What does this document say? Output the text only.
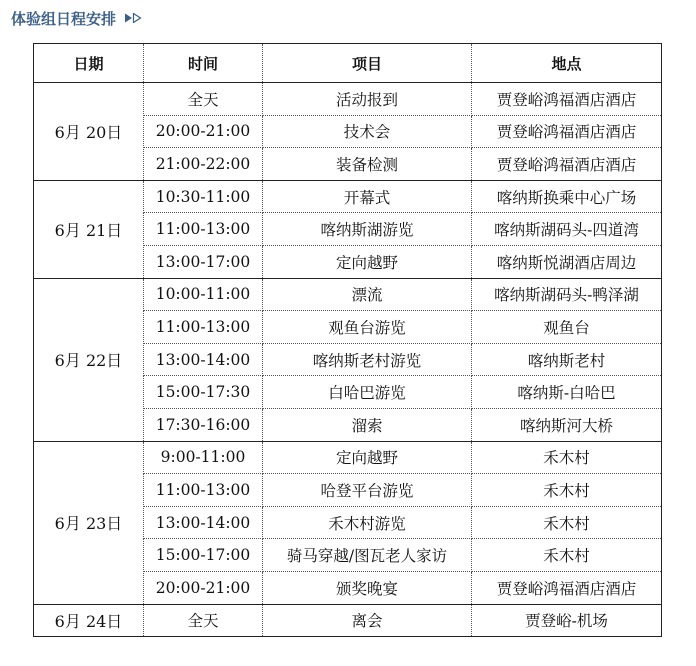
体验组日程安排
日期	时间	项目	地点
6月 20日	全天	活动报到	贾登峪鸿福酒店酒店
	20:00-21:00	技术会	贾登峪鸿福酒店酒店
	21:00-22:00	装备检测	贾登峪鸿福酒店酒店
6月 21日	10:30-11:00	开幕式	喀纳斯换乘中心广场
	11:00-13:00	喀纳斯湖游览	喀纳斯湖码头-四道湾
	13:00-17:00	定向越野	喀纳斯悦湖酒店周边
6月 22日	10:00-11:00	漂流	喀纳斯湖码头-鸭泽湖
	11:00-13:00	观鱼台游览	观鱼台
	13:00-14:00	喀纳斯老村游览	喀纳斯老村
	15:00-17:30	白哈巴游览	喀纳斯-白哈巴
	17:30-16:00	溜索	喀纳斯河大桥
6月 23日	9:00-11:00	定向越野	禾木村
	11:00-13:00	哈登平台游览	禾木村
	13:00-14:00	禾木村游览	禾木村
	15:00-17:00	骑马穿越/图瓦老人家访	禾木村
	20:00-21:00	颁奖晚宴	贾登峪鸿福酒店酒店
6月 24日	全天	离会	贾登峪-机场
